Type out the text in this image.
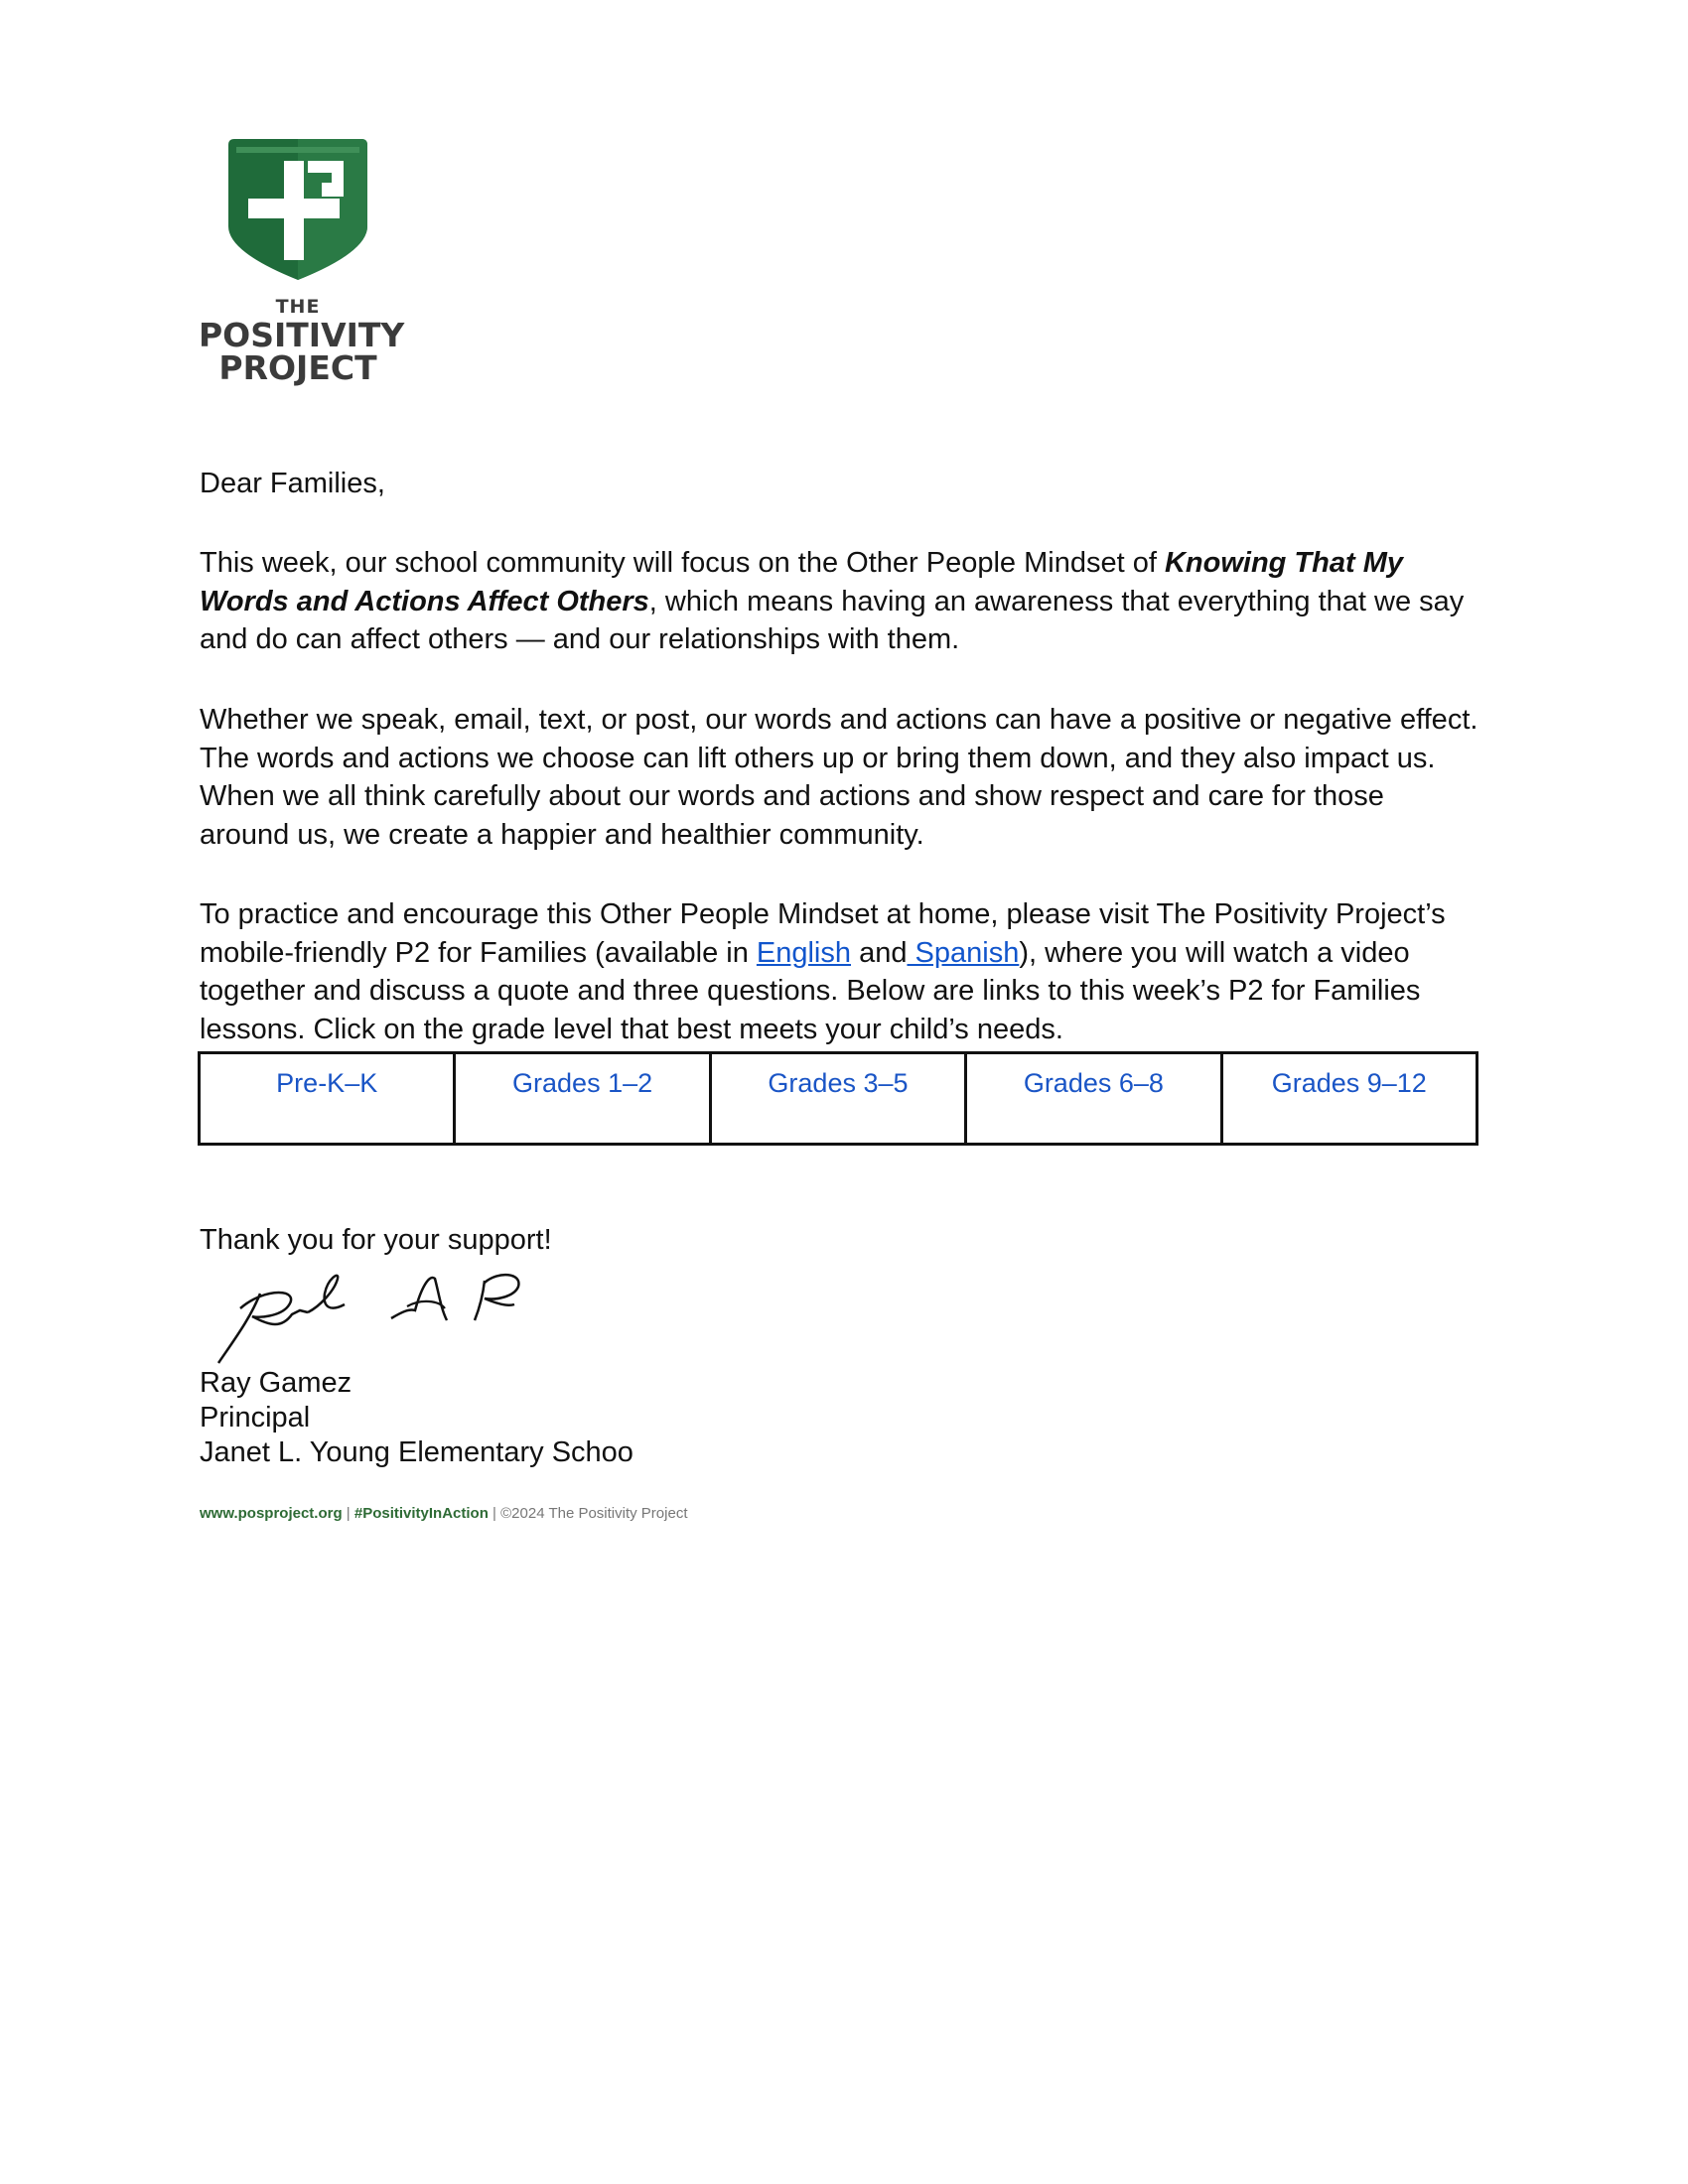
THE
POSITIVITY
PROJECT
Dear Families,
This week, our school community will focus on the Other People Mindset of Knowing That My Words and Actions Affect Others, which means having an awareness that everything that we say and do can affect others — and our relationships with them.
Whether we speak, email, text, or post, our words and actions can have a positive or negative effect. The words and actions we choose can lift others up or bring them down, and they also impact us. When we all think carefully about our words and actions and show respect and care for those around us, we create a happier and healthier community.
To practice and encourage this Other People Mindset at home, please visit The Positivity Project’s mobile-friendly P2 for Families (available in English and Spanish), where you will watch a video together and discuss a quote and three questions. Below are links to this week’s P2 for Families lessons. Click on the grade level that best meets your child’s needs.
Pre-K–K	Grades 1–2	Grades 3–5	Grades 6–8	Grades 9–12
Thank you for your support!
Ray Gamez
Principal
Janet L. Young Elementary Schoo
www.posproject.org | #PositivityInAction | ©2024 The Positivity Project
